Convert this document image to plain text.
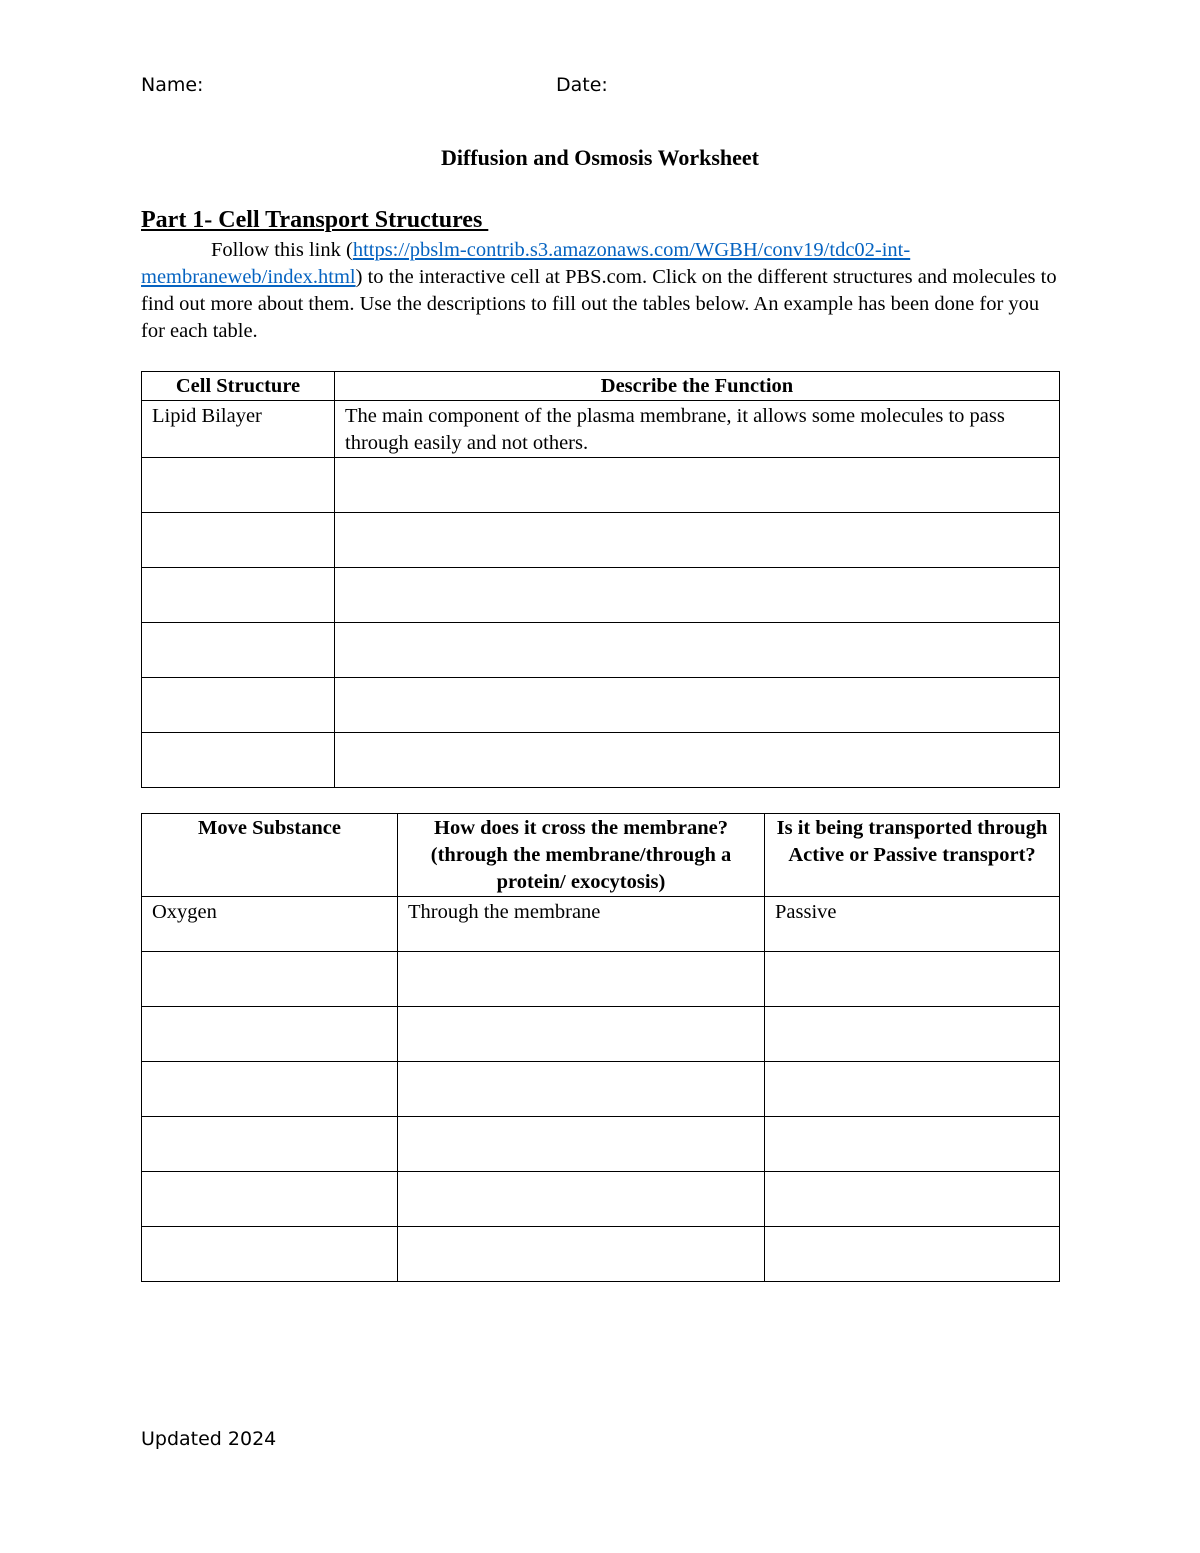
Name:	Date:
Diffusion and Osmosis Worksheet
Part 1- Cell Transport Structures

Follow this link (https://pbslm-contrib.s3.amazonaws.com/WGBH/conv19/tdc02-int-membraneweb/index.html) to the interactive cell at PBS.com. Click on the different structures and molecules to find out more about them. Use the descriptions to fill out the tables below. An example has been done for you for each table.

Cell Structure	Describe the Function
Lipid Bilayer	The main component of the plasma membrane, it allows some molecules to pass through easily and not others.

Move Substance	How does it cross the membrane? (through the membrane/through a protein/ exocytosis)	Is it being transported through Active or Passive transport?
Oxygen	Through the membrane	Passive

Updated 2024
